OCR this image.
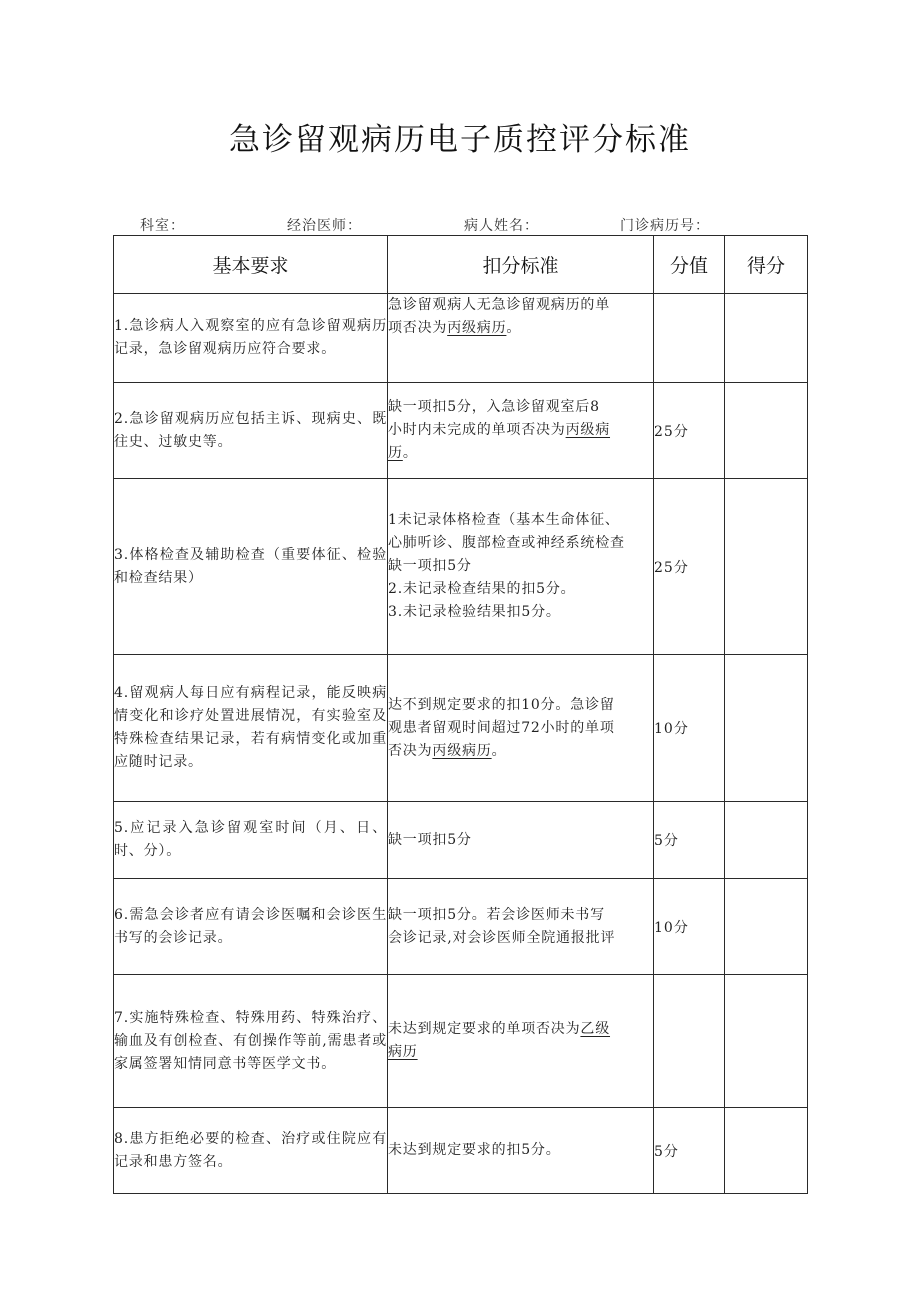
急诊留观病历电子质控评分标准
科室：	经治医师：	病人姓名：	门诊病历号：
基本要求	扣分标准	分值	得分
1.急诊病人入观察室的应有急诊留观病历记录，急诊留观病历应符合要求。	急诊留观病人无急诊留观病历的单
项否决为丙级病历。		

2.急诊留观病历应包括主诉、现病史、既往史、过敏史等。	缺一项扣5分，入急诊留观室后8
小时内未完成的单项否决为丙级病
历。	25分	
3.体格检查及辅助检查（重要体征、检验和检查结果）	1未记录体格检查（基本生命体征、
心肺听诊、腹部检查或神经系统检查
缺一项扣5分
2.未记录检查结果的扣5分。
3.未记录检验结果扣5分。	25分	
4.留观病人每日应有病程记录，能反映病情变化和诊疗处置进展情况，有实验室及特殊检查结果记录，若有病情变化或加重应随时记录。	达不到规定要求的扣10分。急诊留
观患者留观时间超过72小时的单项
否决为丙级病历。	10分	
5.应记录入急诊留观室时间（月、日、时、分）。	缺一项扣5分	5分	
6.需急会诊者应有请会诊医嘱和会诊医生书写的会诊记录。	缺一项扣5分。若会诊医师未书写
会诊记录,对会诊医师全院通报批评	10分	
7.实施特殊检查、特殊用药、特殊治疗、输血及有创检查、有创操作等前,需患者或家属签署知情同意书等医学文书。	未达到规定要求的单项否决为乙级
病历		

8.患方拒绝必要的检查、治疗或住院应有记录和患方签名。	未达到规定要求的扣5分。	5分	
